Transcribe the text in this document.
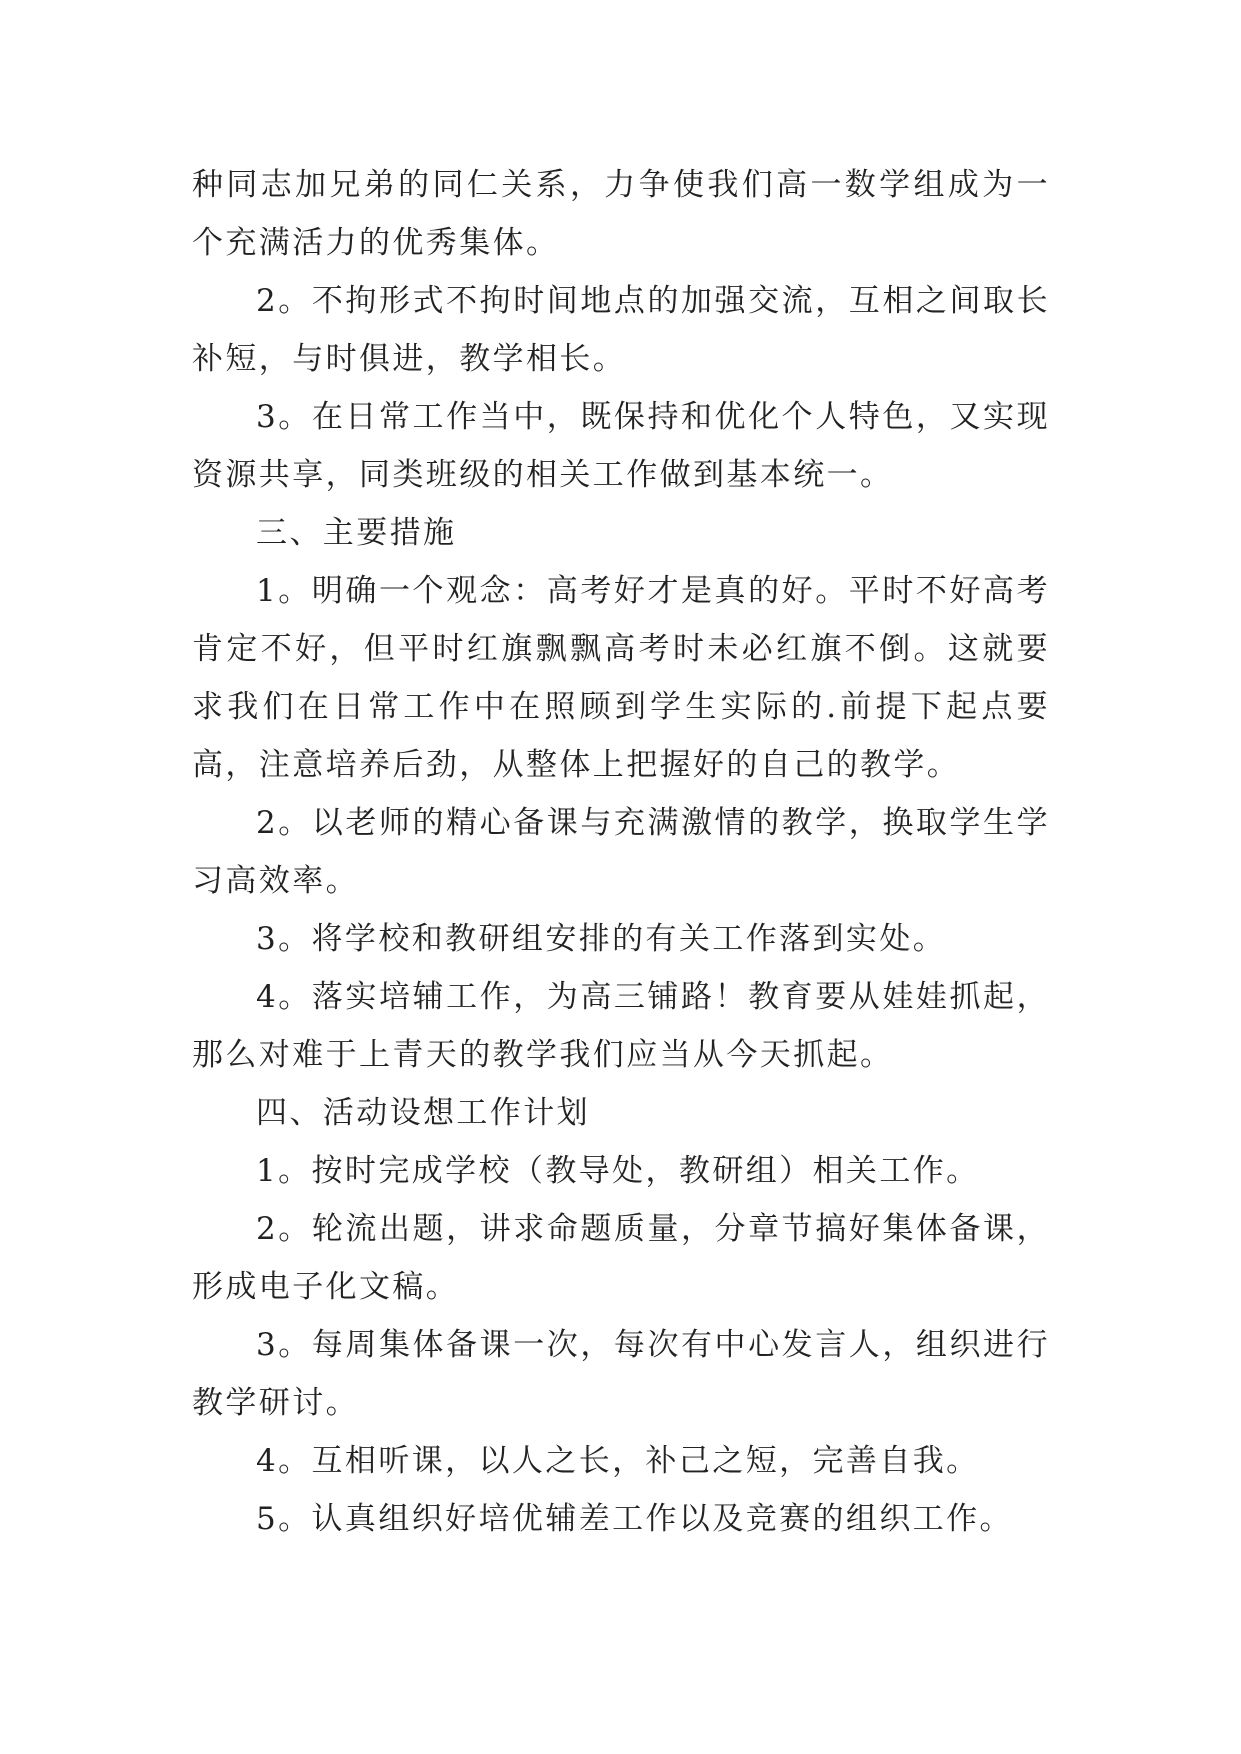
种同志加兄弟的同仁关系，力争使我们高一数学组成为一个充满活力的优秀集体。

2。不拘形式不拘时间地点的加强交流，互相之间取长补短，与时俱进，教学相长。

3。在日常工作当中，既保持和优化个人特色，又实现资源共享，同类班级的相关工作做到基本统一。

三、主要措施

1。明确一个观念：高考好才是真的好。平时不好高考肯定不好，但平时红旗飘飘高考时未必红旗不倒。这就要求我们在日常工作中在照顾到学生实际的.前提下起点要高，注意培养后劲，从整体上把握好的自己的教学。

2。以老师的精心备课与充满激情的教学，换取学生学习高效率。

3。将学校和教研组安排的有关工作落到实处。

4。落实培辅工作，为高三铺路！教育要从娃娃抓起，那么对难于上青天的教学我们应当从今天抓起。

四、活动设想工作计划

1。按时完成学校（教导处，教研组）相关工作。

2。轮流出题，讲求命题质量，分章节搞好集体备课，形成电子化文稿。

3。每周集体备课一次，每次有中心发言人，组织进行教学研讨。

4。互相听课，以人之长，补己之短，完善自我。

5。认真组织好培优辅差工作以及竞赛的组织工作。
